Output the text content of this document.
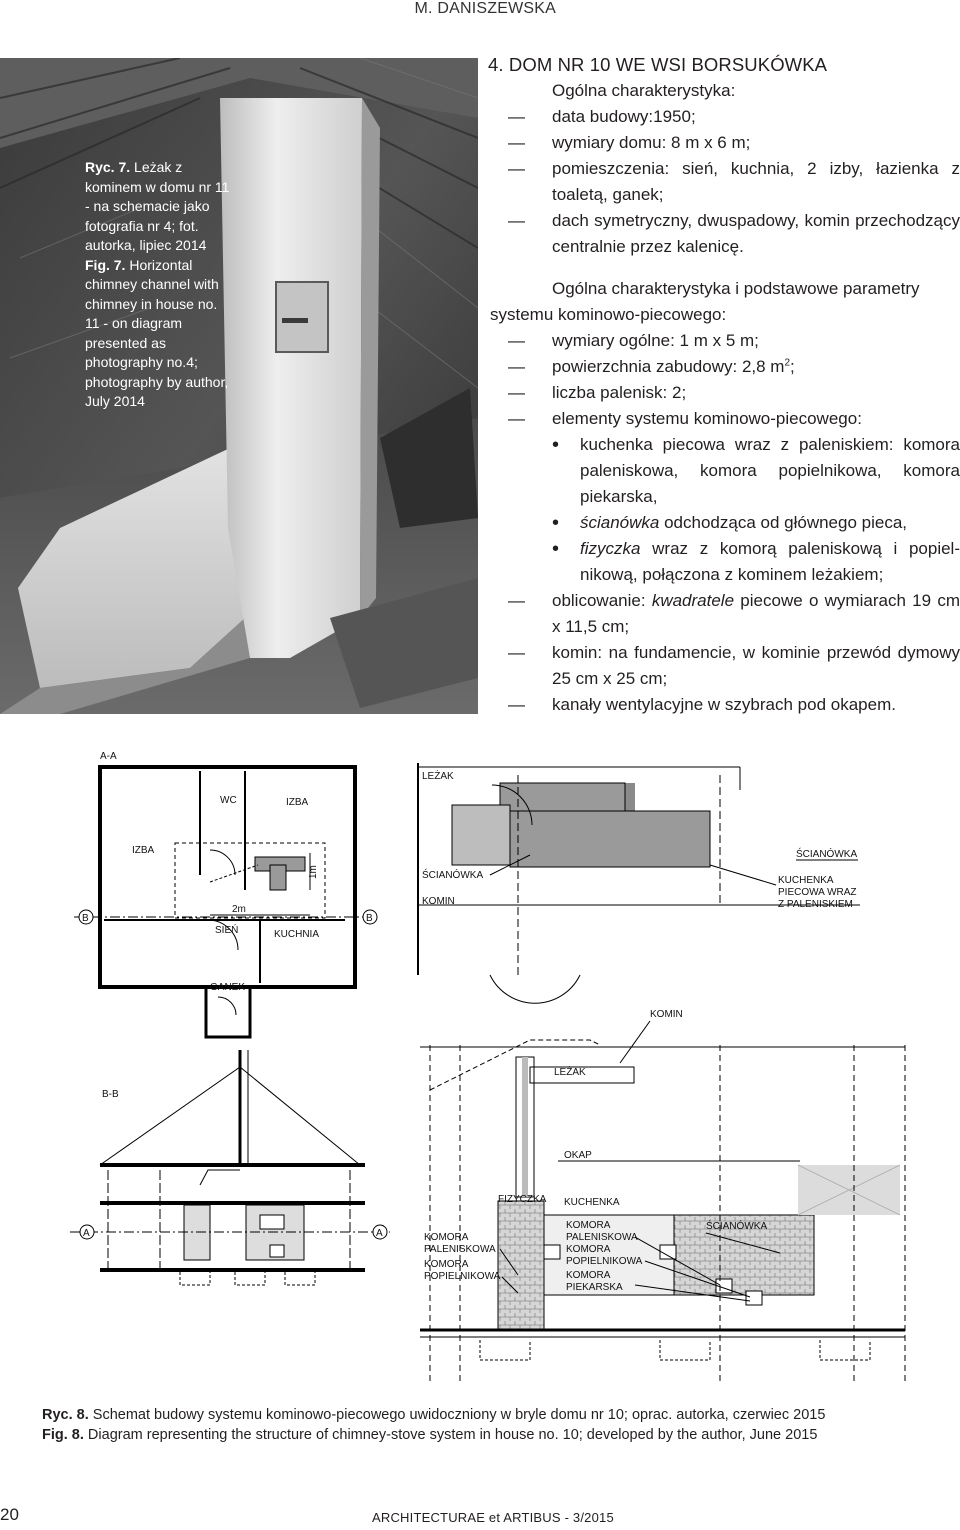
M. DANISZEWSKA
Ryc. 7. Leżak z kominem w domu nr 11 - na schemacie jako fotografia nr 4; fot. autorka, lipiec 2014
Fig. 7. Horizontal chimney channel with chimney in house no. 11 - on diagram presented as photography no.4; photography by author, July 2014
4. DOM NR 10 WE WSI BORSUKÓWKA
Ogólna charakterystyka:
— data budowy:1950;
— wymiary domu: 8 m x 6 m;
— pomieszczenia: sień, kuchnia, 2 izby, łazienka z toaletą, ganek;
— dach symetryczny, dwuspadowy, komin przechodzący centralnie przez kalenicę.
Ogólna charakterystyka i podstawowe parametry systemu kominowo-piecowego:
— wymiary ogólne: 1 m x 5 m;
— powierzchnia zabudowy: 2,8 $m^2$;
— liczba palenisk: 2;
— elementy systemu kominowo-piecowego:
• kuchenka piecowa wraz z paleniskiem: komora paleniskowa, komora popielnikowa, komora piekarska,
• ścianówka odchodząca od głównego pieca,
• fizyczka wraz z komorą paleniskową i popielnikową, połączona z kominem leżakiem;
— oblicowanie: kwadratele piecowe o wymiarach 19 cm x 11,5 cm;
— komin: na fundamencie, w kominie przewód dymowy 25 cm x 25 cm;
— kanały wentylacyjne w szybrach pod okapem.
A-A
WC	IZBA
IZBA
SIEŃ	KUCHNIA
1m
2m
B	B
GANEK
LEŻAK
ŚCIANÓWKA
KOMIN
ŚCIANÓWKA
KUCHENKA
PIECOWA WRAZ
Z PALENISKIEM
B-B
A	A
KOMIN
LEŻAK
OKAP
FIZYCZKA KUCHENKA
ŚCIANÓWKA
KOMORA
PALENISKOWA
KOMORA
POPIELNIKOWA
KOMORA
PALENISKOWA
KOMORA
POPIELNIKOWA
KOMORA
PIEKARSKA
Ryc. 8. Schemat budowy systemu kominowo-piecowego uwidoczniony w bryle domu nr 10; oprac. autorka, czerwiec 2015
Fig. 8. Diagram representing the structure of chimney-stove system in house no. 10; developed by the author, June 2015
20	ARCHITECTURAE et ARTIBUS - 3/2015
